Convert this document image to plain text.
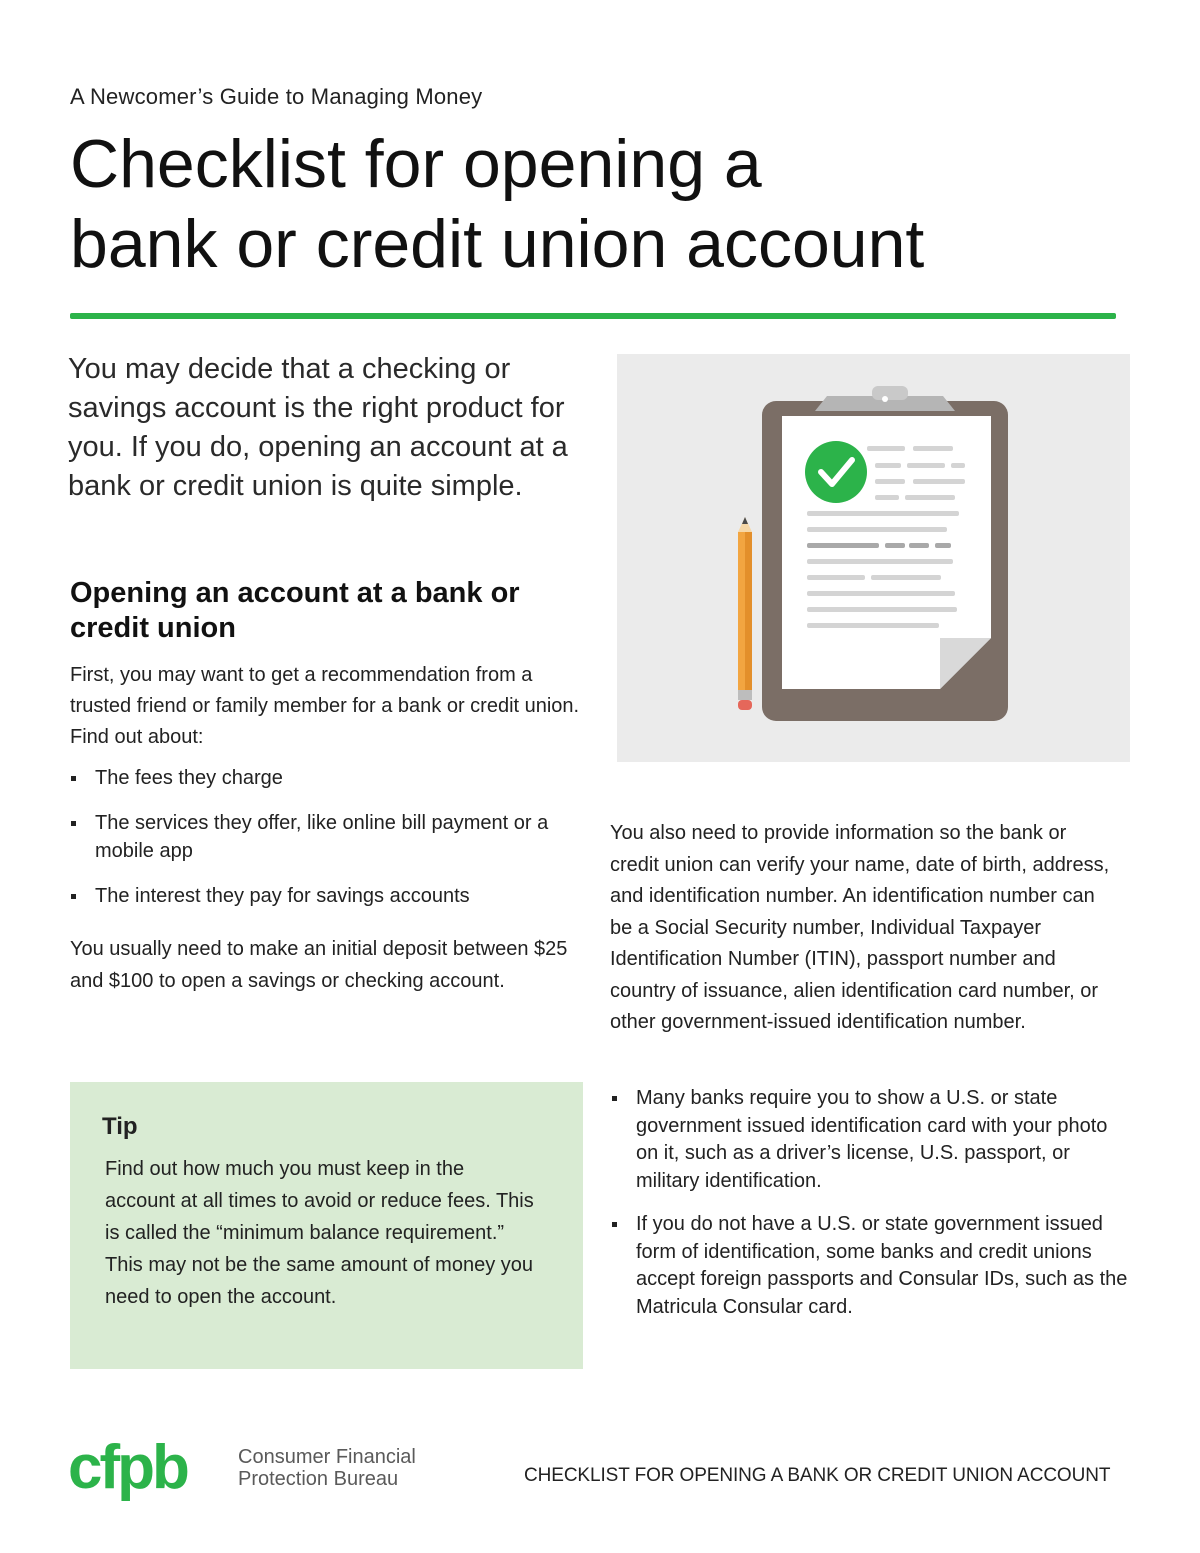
A Newcomer’s Guide to Managing Money
Checklist for opening a
bank or credit union account
You may decide that a checking or savings account is the right product for you. If you do, opening an account at a bank or credit union is quite simple.
Opening an account at a bank or credit union
First, you may want to get a recommendation from a trusted friend or family member for a bank or credit union. Find out about:
The fees they charge
The services they offer, like online bill payment or a mobile app
The interest they pay for savings accounts
You usually need to make an initial deposit between $25 and $100 to open a savings or checking account.
Tip
Find out how much you must keep in the account at all times to avoid or reduce fees. This is called the “minimum balance requirement.” This may not be the same amount of money you need to open the account.
You also need to provide information so the bank or credit union can verify your name, date of birth, address, and identification number. An identification number can be a Social Security number, Individual Taxpayer Identification Number (ITIN), passport number and country of issuance, alien identification card number, or other government-issued identification number.
Many banks require you to show a U.S. or state government issued identification card with your photo on it, such as a driver’s license, U.S. passport, or military identification.
If you do not have a U.S. or state government issued form of identification, some banks and credit unions accept foreign passports and Consular IDs, such as the Matricula Consular card.
cfpb	Consumer Financial
Protection Bureau	CHECKLIST FOR OPENING A BANK OR CREDIT UNION ACCOUNT
